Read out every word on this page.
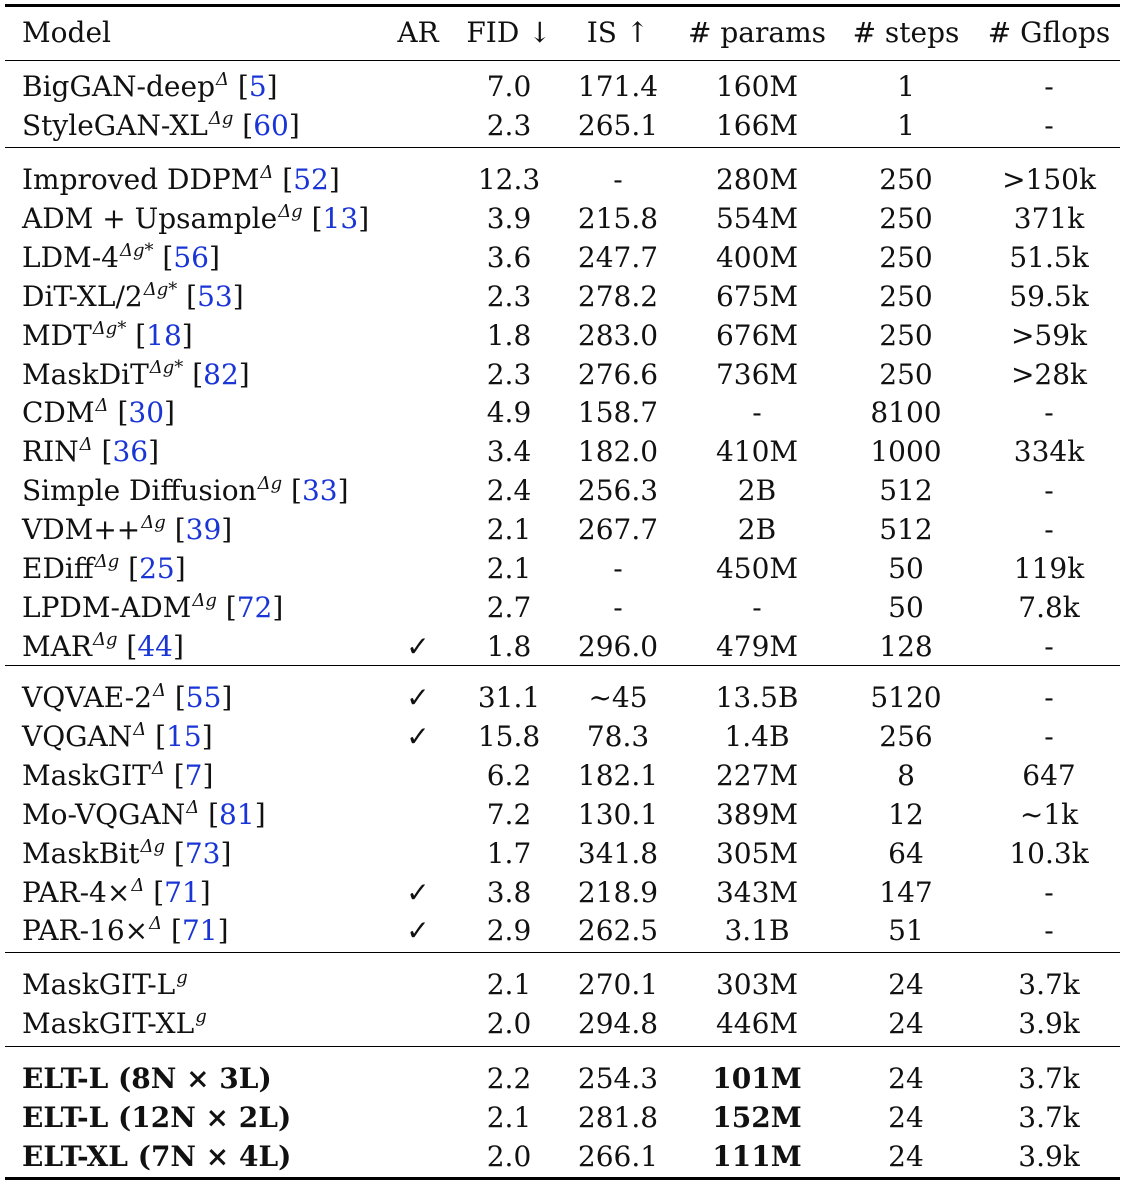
Model	AR FID ↓ IS ↑ # params # steps # Gflops
BigGAN-deep$^\Delta$ [5]	7.0 171.4 160M	1	-
StyleGAN-$XL^{\Delta g}$ [60]	2.3 265.1 166M	1	-
Improved $DDPM^\Delta$ [52]	12.3	-	280M	250 >150k
ADM + Upsample$^{\Delta g}$ [13]	3.9 215.8 554M	250	371k
LDM-$4^{\Delta g*}$ [56]	3.6 247.7 400M	250	51.5k
DiT-$XL/2^{\Delta g*}$ [53]	2.3 278.2 675M	250	59.5k
$MDT^{\Delta g*}$ [18]	1.8 283.0 676M	250	>59k
MaskDiT$^{\Delta g*}$ [82]	2.3 276.6 736M	250	>28k
$CDM^\Delta$ [30]	4.9 158.7	-	8100	-
$RIN^\Delta$ [36]	3.4 182.0 410M	1000	334k
Simple Diffusion$^{\Delta g}$ [33]	2.4 256.3	2B	512	-
VDM++$^{\Delta g}$ [39]	2.1 267.7	2B	512	-
EDiff$^{\Delta g}$ [25]	2.1	-	450M	50	119k
LPDM-$ADM^{\Delta g}$ [72]	2.7	-	-	50	7.8k
$MAR^{\Delta g}$ [44]	✓ 1.8 296.0 479M	128	-
VQVAE-$2^\Delta$ [55]	✓ 31.1 ~45 13.5B	5120	-
$VQGAN^\Delta$ [15]	✓ 15.8 78.3	1.4B	256	-
MaskGIT$^\Delta$ [7]	6.2 182.1 227M	8	647
$Mo-VQGAN^\Delta$ [81]	7.2 130.1 389M	12	~1k
MaskBit$^{\Delta g}$ [73]	1.7 341.8 305M	64	10.3k
PAR-4×$^\Delta$ [71]	✓ 3.8 218.9 343M	147	-
PAR-16×$^\Delta$ [71]	✓ 2.9 262.5 3.1B	51	-
MaskGIT-$L^g$	2.1 270.1 303M	24	3.7k
MaskGIT-$XL^g$	2.0 294.8 446M	24	3.9k
ELT-L (8N × 3L)	2.2 254.3 101M	24	3.7k
ELT-L (12N × 2L)	2.1 281.8 152M	24	3.7k
ELT-XL (7N × 4L)	2.0 266.1 111M	24	3.9k
